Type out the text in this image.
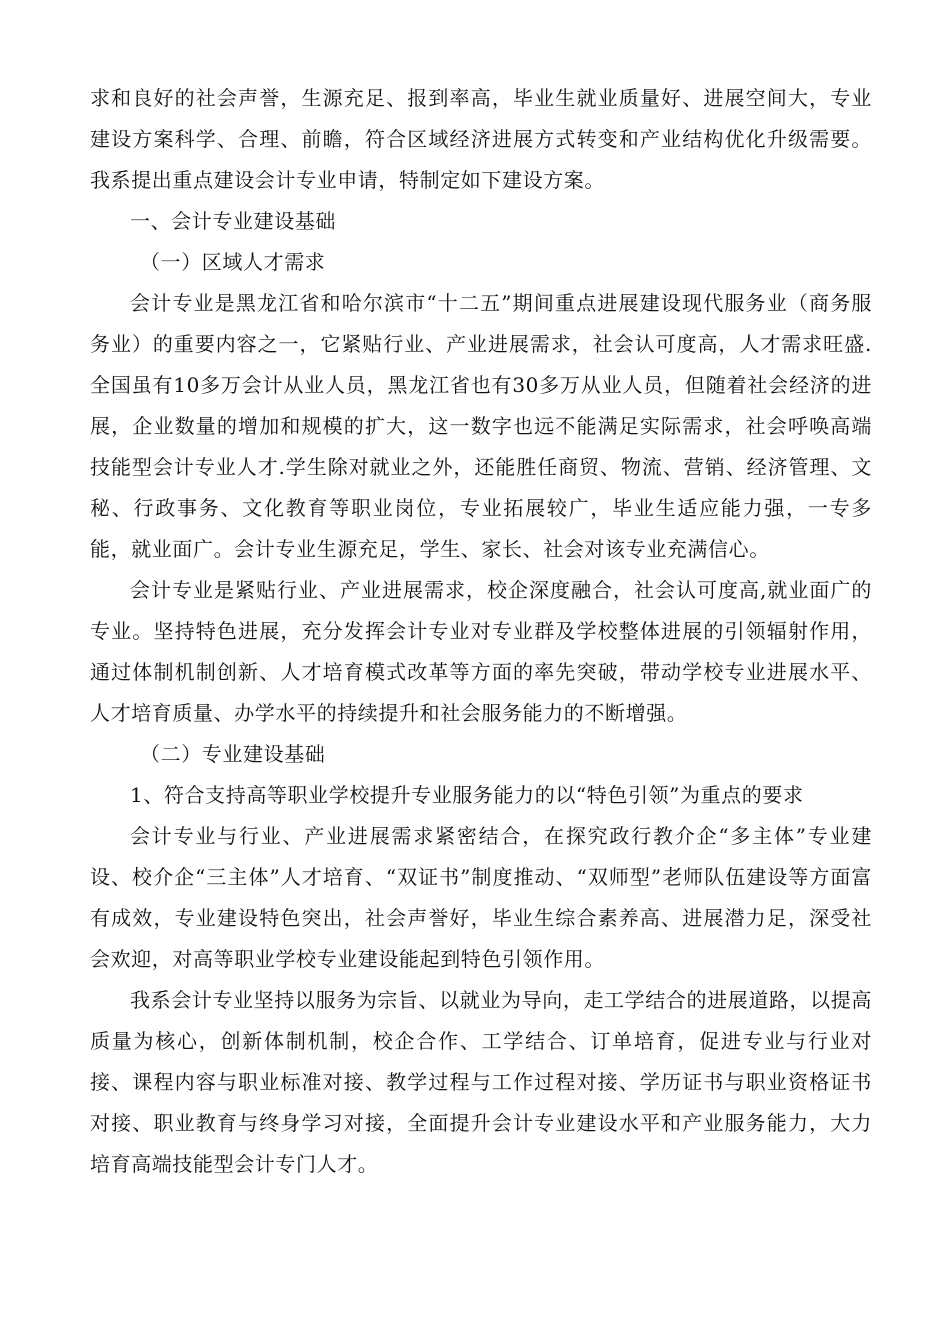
求和良好的社会声誉，生源充足、报到率高，毕业生就业质量好、进展空间大，专业建设方案科学、合理、前瞻，符合区域经济进展方式转变和产业结构优化升级需要。我系提出重点建设会计专业申请，特制定如下建设方案。

一、会计专业建设基础

（一）区域人才需求

会计专业是黑龙江省和哈尔滨市“十二五”期间重点进展建设现代服务业（商务服务业）的重要内容之一，它紧贴行业、产业进展需求，社会认可度高，人才需求旺盛.全国虽有10多万会计从业人员，黑龙江省也有30多万从业人员，但随着社会经济的进展，企业数量的增加和规模的扩大，这一数字也远不能满足实际需求，社会呼唤高端技能型会计专业人才.学生除对就业之外，还能胜任商贸、物流、营销、经济管理、文秘、行政事务、文化教育等职业岗位，专业拓展较广，毕业生适应能力强，一专多能，就业面广。会计专业生源充足，学生、家长、社会对该专业充满信心。

会计专业是紧贴行业、产业进展需求，校企深度融合，社会认可度高,就业面广的专业。坚持特色进展，充分发挥会计专业对专业群及学校整体进展的引领辐射作用，通过体制机制创新、人才培育模式改革等方面的率先突破，带动学校专业进展水平、人才培育质量、办学水平的持续提升和社会服务能力的不断增强。

（二）专业建设基础

1、符合支持高等职业学校提升专业服务能力的以“特色引领”为重点的要求

会计专业与行业、产业进展需求紧密结合，在探究政行教介企“多主体”专业建设、校介企“三主体”人才培育、“双证书”制度推动、“双师型”老师队伍建设等方面富有成效，专业建设特色突出，社会声誉好，毕业生综合素养高、进展潜力足，深受社会欢迎，对高等职业学校专业建设能起到特色引领作用。

我系会计专业坚持以服务为宗旨、以就业为导向，走工学结合的进展道路，以提高质量为核心，创新体制机制，校企合作、工学结合、订单培育，促进专业与行业对接、课程内容与职业标准对接、教学过程与工作过程对接、学历证书与职业资格证书对接、职业教育与终身学习对接，全面提升会计专业建设水平和产业服务能力，大力培育高端技能型会计专门人才。
